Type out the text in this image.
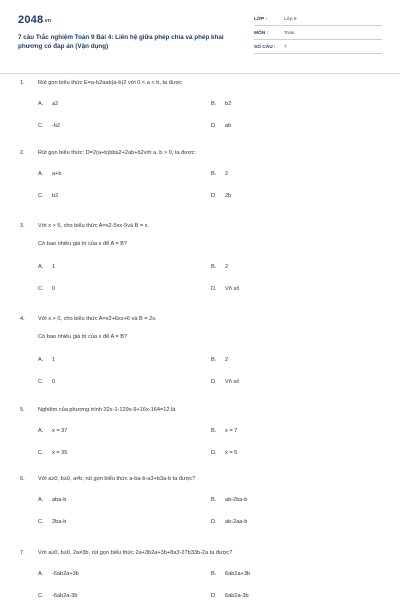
2048.vn
7 câu Trắc nghiệm Toán 9 Bài 4: Liên hệ giữa phép chia và phép khai phương có đáp án (Vận dụng)
LỚP :	Lớp 9
MÔN :	Toán
SỐ CÂU : 7
1. Rút gọn biểu thức E=a-b2aab(a-b)2 với 0 < a < b, ta được
A. a2	B. b2
C. -b2	D. ab
2. Rút gọn biểu thức: D=2(a+b)bba2+2ab+b2với a, b > 0, ta được:
A. a+b	B. 2
C. b2	D. 2b
3. Với x > 5, cho biểu thức A=x2-5xx-5và B = x.
Có bao nhiêu giá trị của x để A = B?
A. 1	B. 2
C. 0	D. Vô số
4. Với x > 0, cho biểu thức A=x2+6xx+6 và B = 2x.
Có bao nhiêu giá trị của x để A = B?
A. 1	B. 2
C. 0	D. Vô số
5. Nghiệm của phương trình 32x-1-129x-9+16x-164=12 là
A. x = 37	B. x = 7
C. x = 35	D. x = 5
6. Với a≥0, b≥0, a≠b, rút gọn biểu thức a-ba-b-a3+b3a-b ta được?
A. aba-b	B. ab-2ba-b
C. 2ba-b	D. ab-2aa-b
7. Với a≥0, b≥0, 2a≠3b, rút gọn biểu thức 2a+3b2a+3b+8a3-27b33b-2a ta được?
A. -6ab2a+3b	B. 6ab2a+3b
C. -6ab2a-3b	D. 6ab2a-3b
